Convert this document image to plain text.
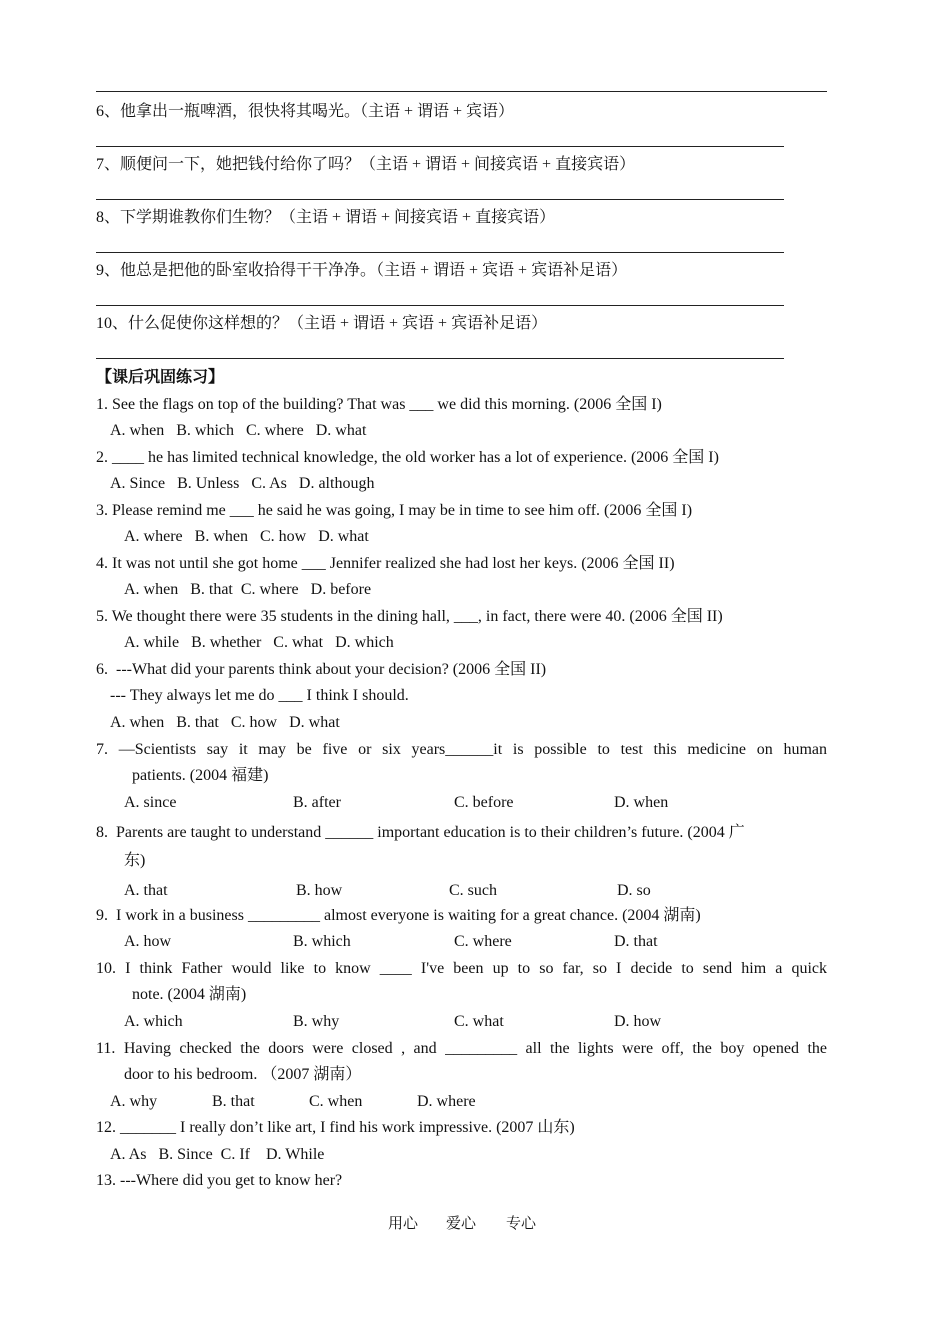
6、他拿出一瓶啤酒，很快将其喝光。（主语 + 谓语 + 宾语）
7、顺便问一下，她把钱付给你了吗？（主语 + 谓语 + 间接宾语 + 直接宾语）
8、下学期谁教你们生物？（主语 + 谓语 + 间接宾语 + 直接宾语）
9、他总是把他的卧室收拾得干干净净。（主语 + 谓语 + 宾语 + 宾语补足语）
10、什么促使你这样想的？（主语 + 谓语 + 宾语 + 宾语补足语）
【课后巩固练习】
1. See the flags on top of the building? That was ___ we did this morning. (2006 全国 I)
A. when   B. which   C. where   D. what
2. ____ he has limited technical knowledge, the old worker has a lot of experience. (2006 全国 I)
A. Since   B. Unless   C. As   D. although
3. Please remind me ___ he said he was going, I may be in time to see him off. (2006 全国 I)
A. where   B. when   C. how   D. what
4. It was not until she got home ___ Jennifer realized she had lost her keys. (2006 全国 II)
A. when   B. that  C. where   D. before
5. We thought there were 35 students in the dining hall, ___, in fact, there were 40. (2006 全国 II)
A. while   B. whether   C. what   D. which
6.  ---What did your parents think about your decision? (2006 全国 II)
--- They always let me do ___ I think I should.
A. when   B. that   C. how   D. what
7. —Scientists say it may be five or six years______it is possible to test this medicine on human
patients. (2004 福建)
A. since	B. after	C. before	D. when
8.  Parents are taught to understand ______ important education is to their children’s future. (2004 广
东)
A. that	B. how	C. such	D. so
9.  I work in a business _________ almost everyone is waiting for a great chance. (2004 湖南)
A. how	B. which	C. where	D. that
10. I think Father would like to know ____ I've been up to so far, so I decide to send him a quick
note. (2004 湖南)
A. which	B. why	C. what	D. how
11. Having checked the doors were closed , and _________ all the lights were off, the boy opened the
door to his bedroom. （2007 湖南）
A. why	B. that	C. when	D. where
12. _______ I really don’t like art, I find his work impressive. (2007 山东)
A. As   B. Since  C. If    D. While
13. ---Where did you get to know her?
用心 爱心 专心
